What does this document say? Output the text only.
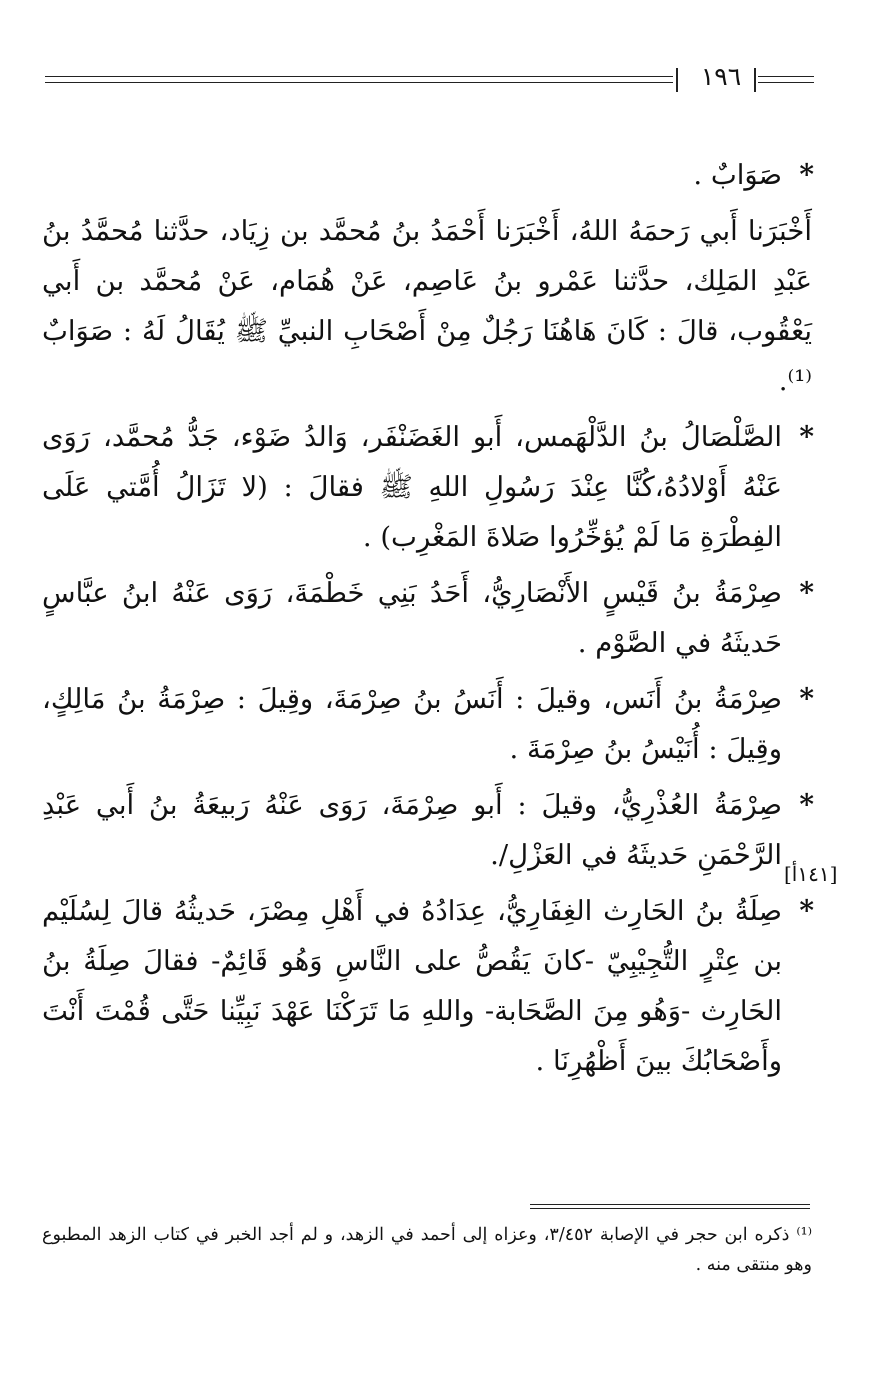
١٩٦
*
صَوَابٌ .
أَخْبَرَنا أَبي رَحمَهُ اللهُ، أَخْبَرَنا أَحْمَدُ بنُ مُحمَّد بن زِيَاد، حدَّثنا مُحمَّدُ بنُ عَبْدِ المَلِك، حدَّثنا عَمْرو بنُ عَاصِم، عَنْ هُمَام، عَنْ مُحمَّد بن أَبي يَعْقُوب، قالَ : كَانَ هَاهُنَا رَجُلٌ مِنْ أَصْحَابِ النبيِّ ﷺ يُقَالُ لَهُ : صَوَابٌ ⁽¹⁾.
*
الصَّلْصَالُ بنُ الدَّلْهَمس، أَبو الغَضَنْفَر، وَالدُ ضَوْء، جَدُّ مُحمَّد، رَوَى عَنْهُ أَوْلادُهُ،كُنَّا عِنْدَ رَسُولِ اللهِ ﷺ فقالَ : (لا تَزَالُ أُمَّتي عَلَى الفِطْرَةِ مَا لَمْ يُؤخِّرُوا صَلاةَ المَغْرِب) .
*
صِرْمَةُ بنُ قَيْسٍ الأَنْصَارِيُّ، أَحَدُ بَنِي خَطْمَةَ، رَوَى عَنْهُ ابنُ عبَّاسٍ حَديثَهُ في الصَّوْم .
*
صِرْمَةُ بنُ أَنَس، وقيلَ : أَنَسُ بنُ صِرْمَةَ، وقِيلَ : صِرْمَةُ بنُ مَالِكٍ، وقِيلَ : أُنَيْسُ بنُ صِرْمَةَ .
*
صِرْمَةُ العُذْرِيُّ، وقيلَ : أَبو صِرْمَةَ، رَوَى عَنْهُ رَبيعَةُ بنُ أَبي عَبْدِ الرَّحْمَنِ حَديثَهُ في العَزْلِ/.
*
صِلَةُ بنُ الحَارِث الغِفَارِيُّ، عِدَادُهُ في أَهْلِ مِصْرَ، حَديثُهُ قالَ لِسُلَيْم بن عِتْرٍ التُّجِيْبِيّ -كانَ يَقُصُّ على النَّاسِ وَهُو قَائِمٌ- فقالَ صِلَةُ بنُ الحَارِث -وَهُو مِنَ الصَّحَابة- واللهِ مَا تَرَكْنَا عَهْدَ نَبِيِّنا حَتَّى قُمْتَ أَنْتَ وأَصْحَابُكَ بينَ أَظْهُرِنَا .
[١٤١أ]
⁽¹⁾ ذكره ابن حجر في الإصابة ٣/٤٥٢، وعزاه إلى أحمد في الزهد، و لم أجد الخبر في كتاب الزهد المطبوع وهو منتقى منه .
